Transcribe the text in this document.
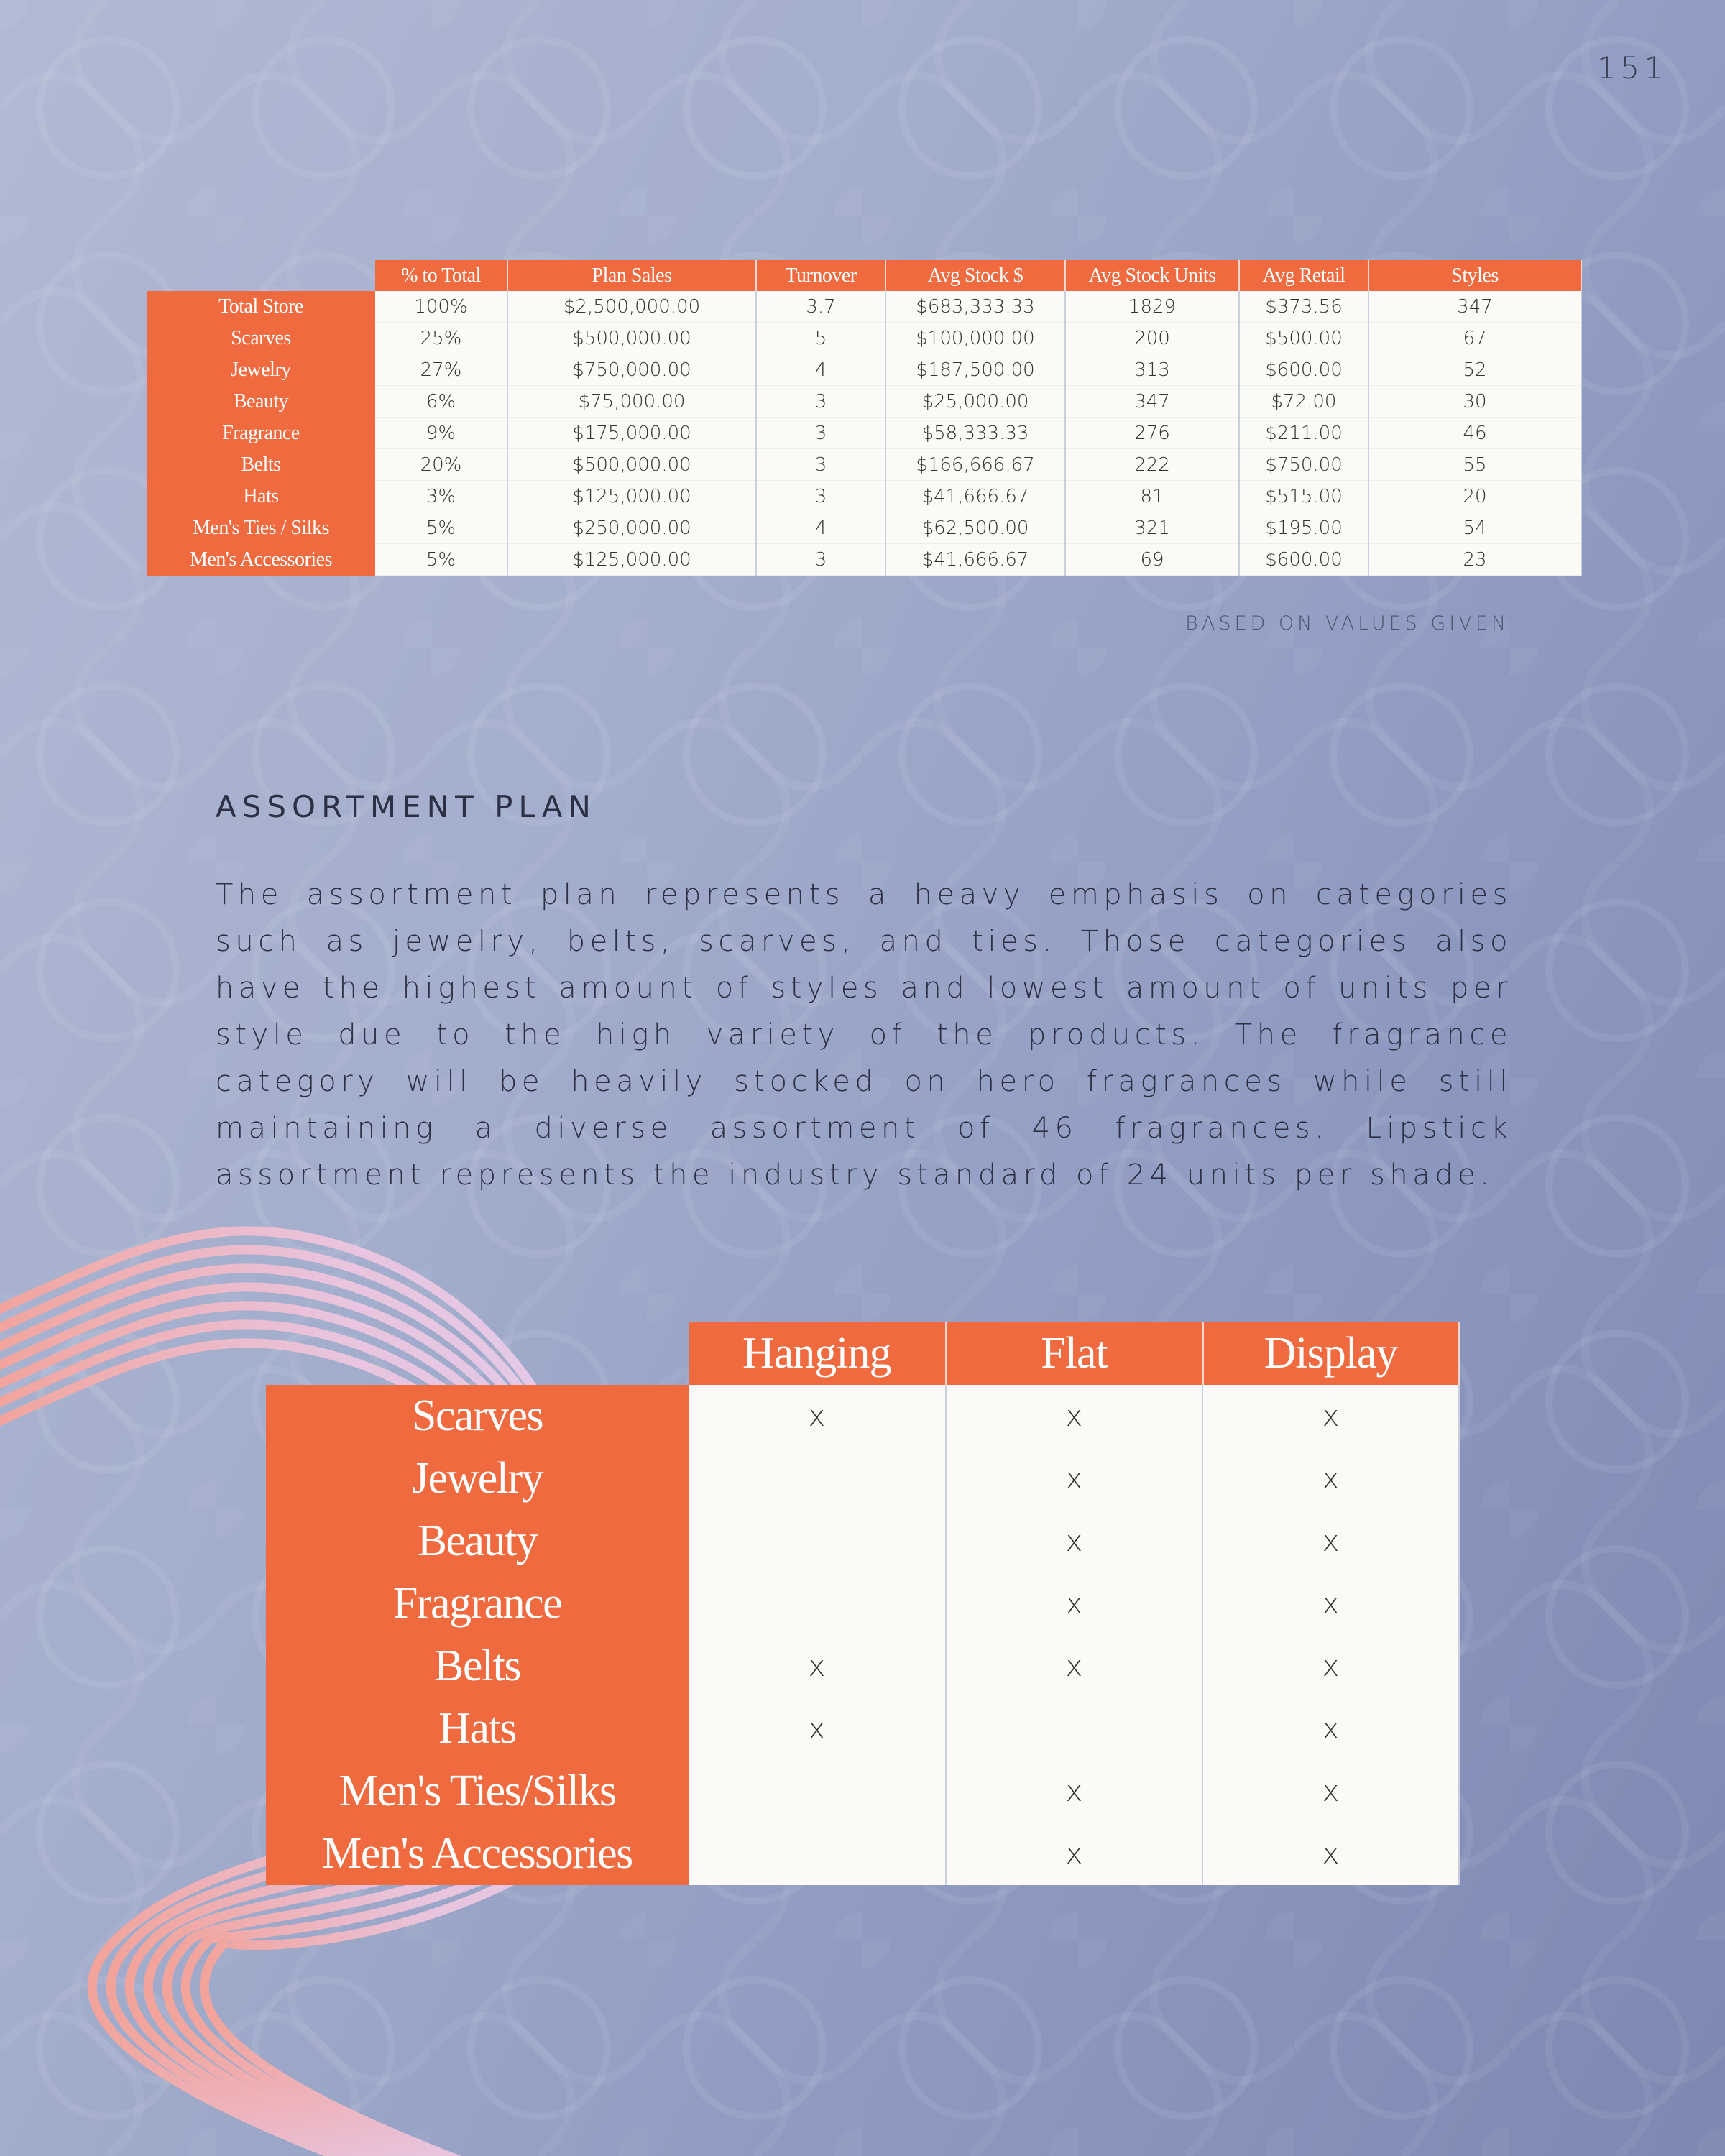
151
	% to Total	Plan Sales	Turnover	Avg Stock $	Avg Stock Units	Avg Retail	Styles
Total Store	100%	$2,500,000.00	3.7	$683,333.33	1829	$373.56	347
Scarves	25%	$500,000.00	5	$100,000.00	200	$500.00	67
Jewelry	27%	$750,000.00	4	$187,500.00	313	$600.00	52
Beauty	6%	$75,000.00	3	$25,000.00	347	$72.00	30
Fragrance	9%	$175,000.00	3	$58,333.33	276	$211.00	46
Belts	20%	$500,000.00	3	$166,666.67	222	$750.00	55
Hats	3%	$125,000.00	3	$41,666.67	81	$515.00	20
Men's Ties / Silks	5%	$250,000.00	4	$62,500.00	321	$195.00	54
Men's Accessories	5%	$125,000.00	3	$41,666.67	69	$600.00	23
BASED ON VALUES GIVEN
ASSORTMENT PLAN
The assortment plan represents a heavy emphasis on categories such as jewelry, belts, scarves, and ties. Those categories also have the highest amount of styles and lowest amount of units per style due to the high variety of the products. The fragrance category will be heavily stocked on hero fragrances while still maintaining a diverse assortment of 46 fragrances. Lipstick assortment represents the industry standard of 24 units per shade.
	Hanging	Flat	Display
Scarves	x	x	x
Jewelry		x	x
Beauty		x	x
Fragrance		x	x
Belts	x	x	x
Hats	x		x
Men's Ties/Silks		x	x
Men's Accessories		x	x
